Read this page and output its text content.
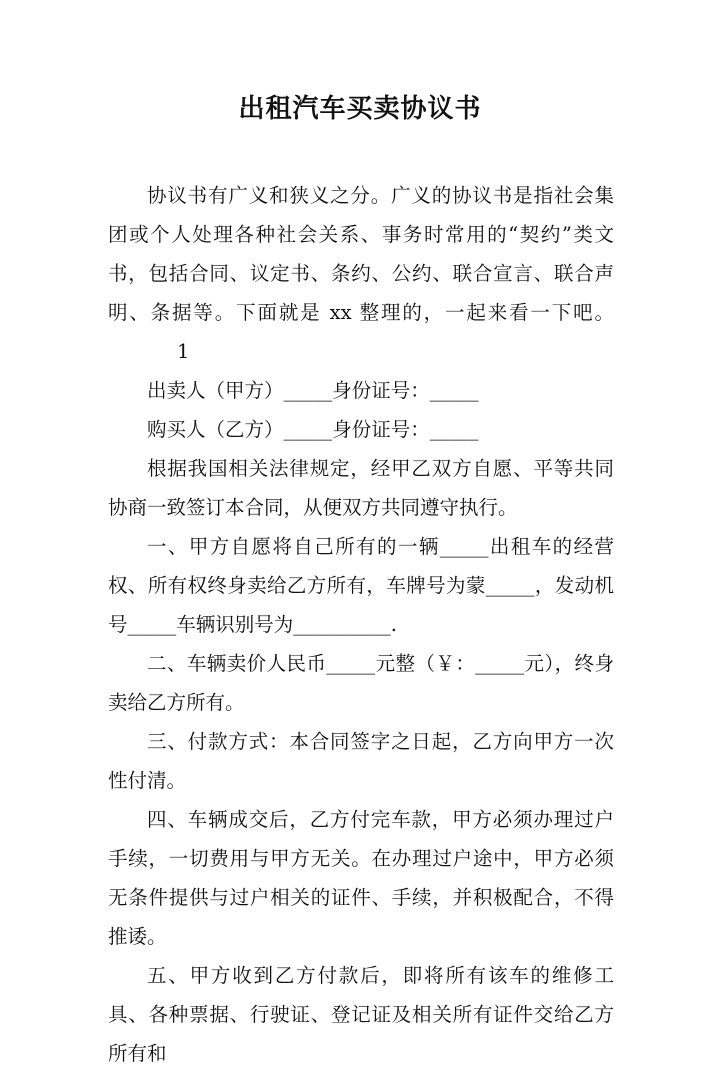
出租汽车买卖协议书

协议书有广义和狭义之分。广义的协议书是指社会集团或个人处理各种社会关系、事务时常用的“契约”类文书，包括合同、议定书、条约、公约、联合宣言、联合声明、条据等。下面就是 xx 整理的，一起来看一下吧。1

出卖人（甲方）_____身份证号：_____

购买人（乙方）_____身份证号：_____

根据我国相关法律规定，经甲乙双方自愿、平等共同协商一致签订本合同，从便双方共同遵守执行。

一、甲方自愿将自己所有的一辆_____出租车的经营权、所有权终身卖给乙方所有，车牌号为蒙_____，发动机号_____车辆识别号为__________.

二、车辆卖价人民币_____元整（￥：_____元），终身卖给乙方所有。

三、付款方式：本合同签字之日起，乙方向甲方一次性付清。

四、车辆成交后，乙方付完车款，甲方必须办理过户手续，一切费用与甲方无关。在办理过户途中，甲方必须无条件提供与过户相关的证件、手续，并积极配合，不得推诿。

五、甲方收到乙方付款后，即将所有该车的维修工具、各种票据、行驶证、登记证及相关所有证件交给乙方所有和
